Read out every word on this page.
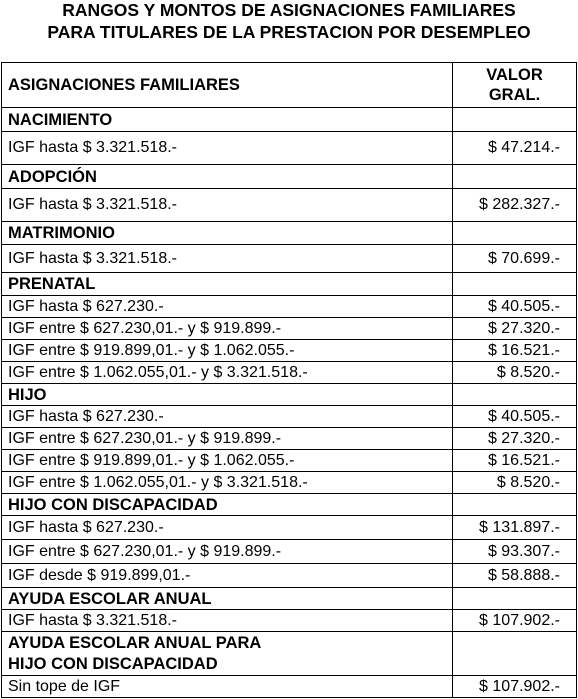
RANGOS Y MONTOS DE ASIGNACIONES FAMILIARES
PARA TITULARES DE LA PRESTACION POR DESEMPLEO
ASIGNACIONES FAMILIARES	VALOR
GRAL.
NACIMIENTO	
IGF hasta $ 3.321.518.-	$ 47.214.-
ADOPCIÓN	
IGF hasta $ 3.321.518.-	$ 282.327.-
MATRIMONIO	
IGF hasta $ 3.321.518.-	$ 70.699.-
PRENATAL	
IGF hasta $ 627.230.-	$ 40.505.-
IGF entre $ 627.230,01.- y $ 919.899.-	$ 27.320.-
IGF entre $ 919.899,01.- y $ 1.062.055.-	$ 16.521.-
IGF entre $ 1.062.055,01.- y $ 3.321.518.-	$ 8.520.-
HIJO	
IGF hasta $ 627.230.-	$ 40.505.-
IGF entre $ 627.230,01.- y $ 919.899.-	$ 27.320.-
IGF entre $ 919.899,01.- y $ 1.062.055.-	$ 16.521.-
IGF entre $ 1.062.055,01.- y $ 3.321.518.-	$ 8.520.-
HIJO CON DISCAPACIDAD	
IGF hasta $ 627.230.-	$ 131.897.-
IGF entre $ 627.230,01.- y $ 919.899.-	$ 93.307.-
IGF desde $ 919.899,01.-	$ 58.888.-
AYUDA ESCOLAR ANUAL	
IGF hasta $ 3.321.518.-	$ 107.902.-
AYUDA ESCOLAR ANUAL PARA
HIJO CON DISCAPACIDAD	
Sin tope de IGF	$ 107.902.-
